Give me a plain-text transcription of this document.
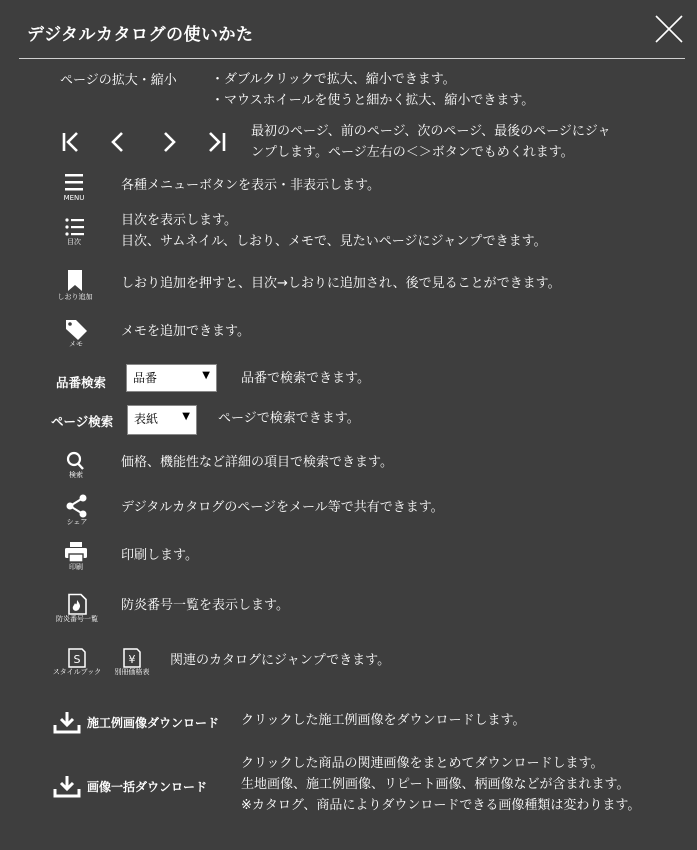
デジタルカタログの使いかた
ページの拡大・縮小	・ダブルクリックで拡大、縮小できます。
・マウスホイールを使うと細かく拡大、縮小できます。
最初のページ、前のページ、次のページ、最後のページにジャ
ンプします。ページ左右の＜＞ボタンでもめくれます。
MENU
各種メニューボタンを表示・非表示します。
目次
目次を表示します。
目次、サムネイル、しおり、メモで、見たいページにジャンプできます。
しおり追加
しおり追加を押すと、目次→しおりに追加され、後で見ることができます。
メモ
メモを追加できます。
品番検索	品番	▼ 品番で検索できます。
ページ検索	表紙 ▼ ページで検索できます。
検索
価格、機能性など詳細の項目で検索できます。
シェア
デジタルカタログのページをメール等で共有できます。
印刷
印刷します。
防炎番号一覧
防炎番号一覧を表示します。
S
スタイルブック
¥
別冊価格表
関連のカタログにジャンプできます。
施工例画像ダウンロード クリックした施工例画像をダウンロードします。
画像一括ダウンロード
クリックした商品の関連画像をまとめてダウンロードします。
生地画像、施工例画像、リピート画像、柄画像などが含まれます。
※カタログ、商品によりダウンロードできる画像種類は変わります。
